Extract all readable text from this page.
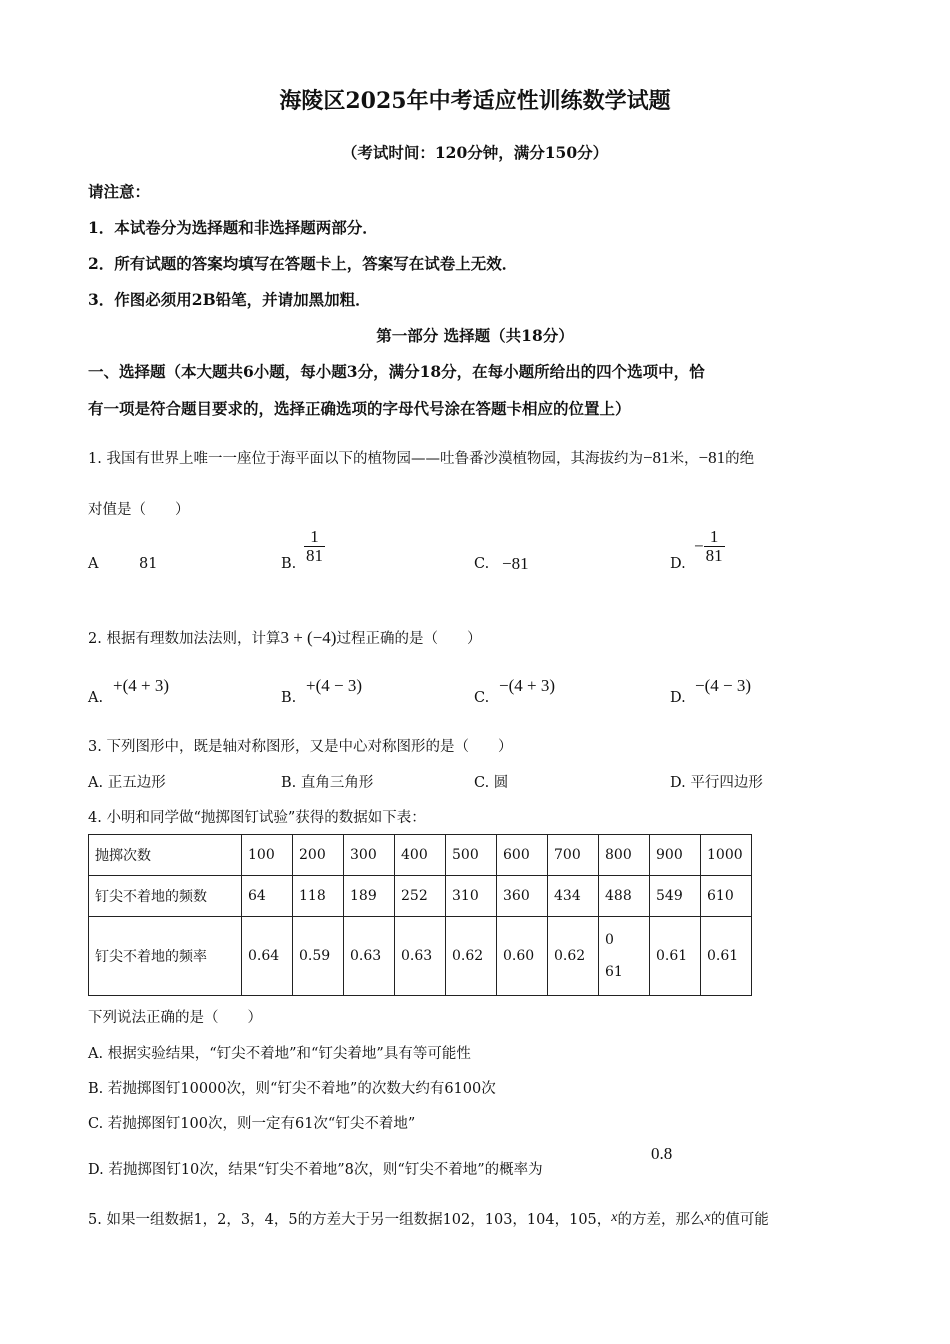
海陵区2025年中考适应性训练数学试题
（考试时间：120分钟，满分150分）
请注意：
1．本试卷分为选择题和非选择题两部分．
2．所有试题的答案均填写在答题卡上，答案写在试卷上无效．
3．作图必须用2B铅笔，并请加黑加粗．
第一部分 选择题（共18分）
一、选择题（本大题共6小题，每小题3分，满分18分，在每小题所给出的四个选项中，恰
有一项是符合题目要求的，选择正确选项的字母代号涂在答题卡相应的位置上）
1. 我国有世界上唯一一座位于海平面以下的植物园——吐鲁番沙漠植物园，其海拔约为−81米，−81的绝
对值是（　　）
A	81	B. $\frac{1}{81}$	C. −81	D.
− $\frac{1}{81}$
2. 根据有理数加法法则，计算3 + (−4)过程正确的是（　　）
A.
+(4 + 3)
B.
+(4 − 3)
C.
−(4 + 3)
D.
−(4 − 3)
3. 下列图形中，既是轴对称图形，又是中心对称图形的是（　　）
A. 正五边形	B. 直角三角形	C. 圆	D. 平行四边形
4. 小明和同学做“抛掷图钉试验”获得的数据如下表：
抛掷次数	100	200	300	400	500	600	700	800	900	1000
钉尖不着地的频数	64	118	189	252	310	360	434	488	549	610
钉尖不着地的频率	0.64	0.59	0.63	0.63	0.62	0.60	0.62	0
61	0.61	0.61
下列说法正确的是（　　）
A. 根据实验结果，“钉尖不着地”和“钉尖着地”具有等可能性
B. 若抛掷图钉10000次，则“钉尖不着地”的次数大约有6100次
C. 若抛掷图钉100次，则一定有61次“钉尖不着地”
D. 若抛掷图钉10次，结果“钉尖不着地”8次，则“钉尖不着地”的概率为
0.8
5. 如果一组数据1，2，3，4，5的方差大于另一组数据102，103，104，105，x的方差，那么x的值可能
